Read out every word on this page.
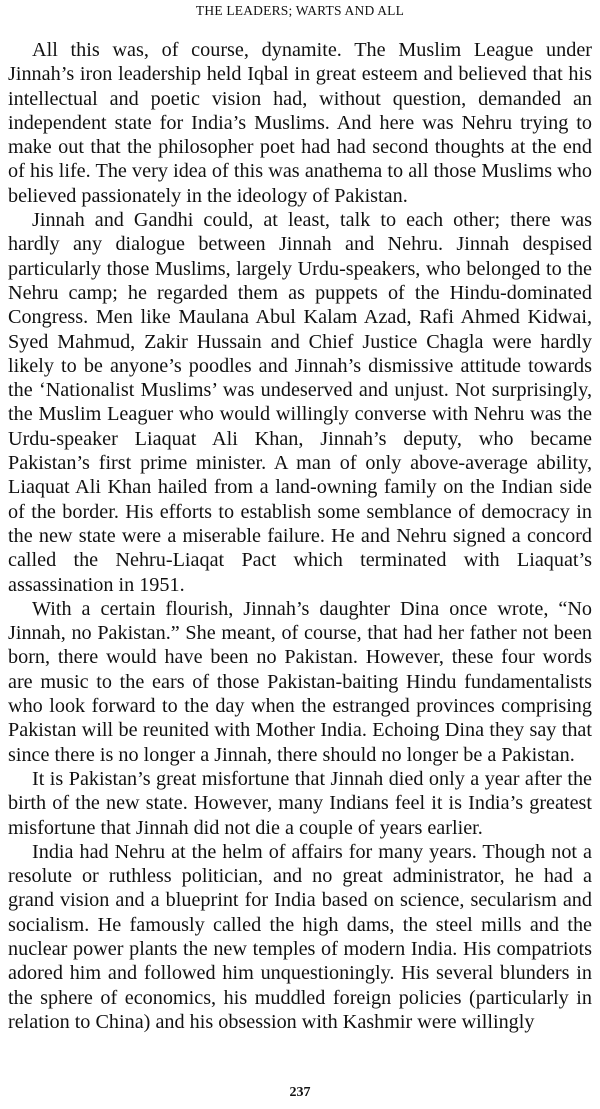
THE LEADERS; WARTS AND ALL

All this was, of course, dynamite. The Muslim League under Jinnah’s iron leadership held Iqbal in great esteem and believed that his intellectual and poetic vision had, without question, demanded an independent state for India’s Muslims. And here was Nehru trying to make out that the philosopher poet had had second thoughts at the end of his life. The very idea of this was anathema to all those Muslims who believed passionately in the ideology of Pakistan.

Jinnah and Gandhi could, at least, talk to each other; there was hardly any dialogue between Jinnah and Nehru. Jinnah despised particularly those Muslims, largely Urdu-speakers, who belonged to the Nehru camp; he regarded them as puppets of the Hindu-dominated Congress. Men like Maulana Abul Kalam Azad, Rafi Ahmed Kidwai, Syed Mahmud, Zakir Hussain and Chief Justice Chagla were hardly likely to be anyone’s poodles and Jinnah’s dismissive attitude towards the ‘Nationalist Muslims’ was undeserved and unjust. Not surprisingly, the Muslim Leaguer who would willingly converse with Nehru was the Urdu-speaker Liaquat Ali Khan, Jinnah’s deputy, who became Pakistan’s first prime minister. A man of only above-average ability, Liaquat Ali Khan hailed from a land-owning family on the Indian side of the border. His efforts to establish some semblance of democracy in the new state were a miserable failure. He and Nehru signed a concord called the Nehru-Liaqat Pact which terminated with Liaquat’s assassination in 1951.

With a certain flourish, Jinnah’s daughter Dina once wrote, “No Jinnah, no Pakistan.” She meant, of course, that had her father not been born, there would have been no Pakistan. However, these four words are music to the ears of those Pakistan-baiting Hindu fundamentalists who look forward to the day when the estranged provinces comprising Pakistan will be reunited with Mother India. Echoing Dina they say that since there is no longer a Jinnah, there should no longer be a Pakistan.

It is Pakistan’s great misfortune that Jinnah died only a year after the birth of the new state. However, many Indians feel it is India’s greatest misfortune that Jinnah did not die a couple of years earlier.

India had Nehru at the helm of affairs for many years. Though not a resolute or ruthless politician, and no great administrator, he had a grand vision and a blueprint for India based on science, secularism and socialism. He famously called the high dams, the steel mills and the nuclear power plants the new temples of modern India. His compatriots adored him and followed him unquestioningly. His several blunders in the sphere of economics, his muddled foreign policies (particularly in relation to China) and his obsession with Kashmir were willingly

237
